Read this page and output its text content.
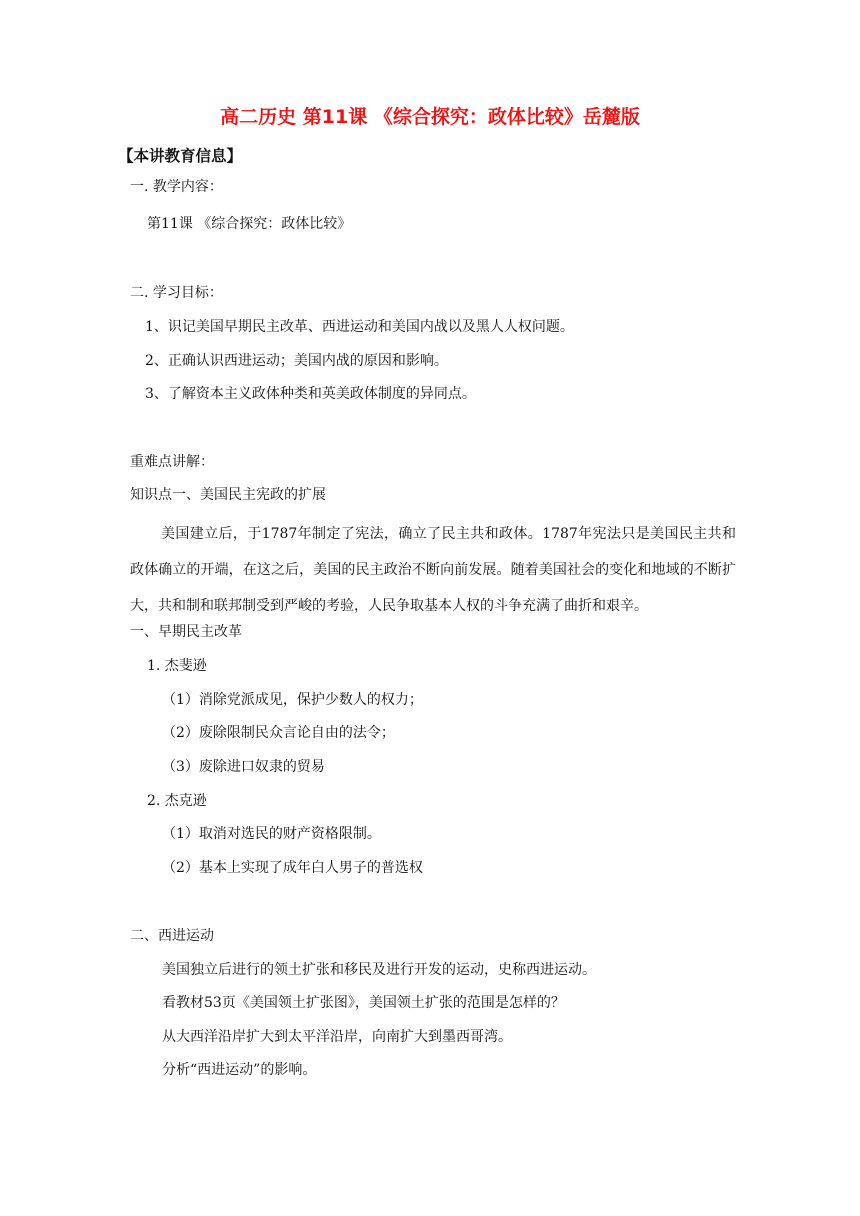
高二历史 第11课 《综合探究：政体比较》岳麓版
【本讲教育信息】
一. 教学内容：
第11课 《综合探究：政体比较》
二. 学习目标：
1、识记美国早期民主改革、西进运动和美国内战以及黑人人权问题。
2、正确认识西进运动；美国内战的原因和影响。
3、了解资本主义政体种类和英美政体制度的异同点。
重难点讲解：
知识点一、美国民主宪政的扩展
美国建立后，于1787年制定了宪法，确立了民主共和政体。1787年宪法只是美国民主共和政体确立的开端，在这之后，美国的民主政治不断向前发展。随着美国社会的变化和地域的不断扩大，共和制和联邦制受到严峻的考验，人民争取基本人权的斗争充满了曲折和艰辛。
一、早期民主改革
1. 杰斐逊
（1）消除党派成见，保护少数人的权力；
（2）废除限制民众言论自由的法令；
（3）废除进口奴隶的贸易
2. 杰克逊
（1）取消对选民的财产资格限制。
（2）基本上实现了成年白人男子的普选权
二、西进运动
美国独立后进行的领土扩张和移民及进行开发的运动，史称西进运动。
看教材53页《美国领土扩张图》，美国领土扩张的范围是怎样的？
从大西洋沿岸扩大到太平洋沿岸，向南扩大到墨西哥湾。
分析“西进运动”的影响。
